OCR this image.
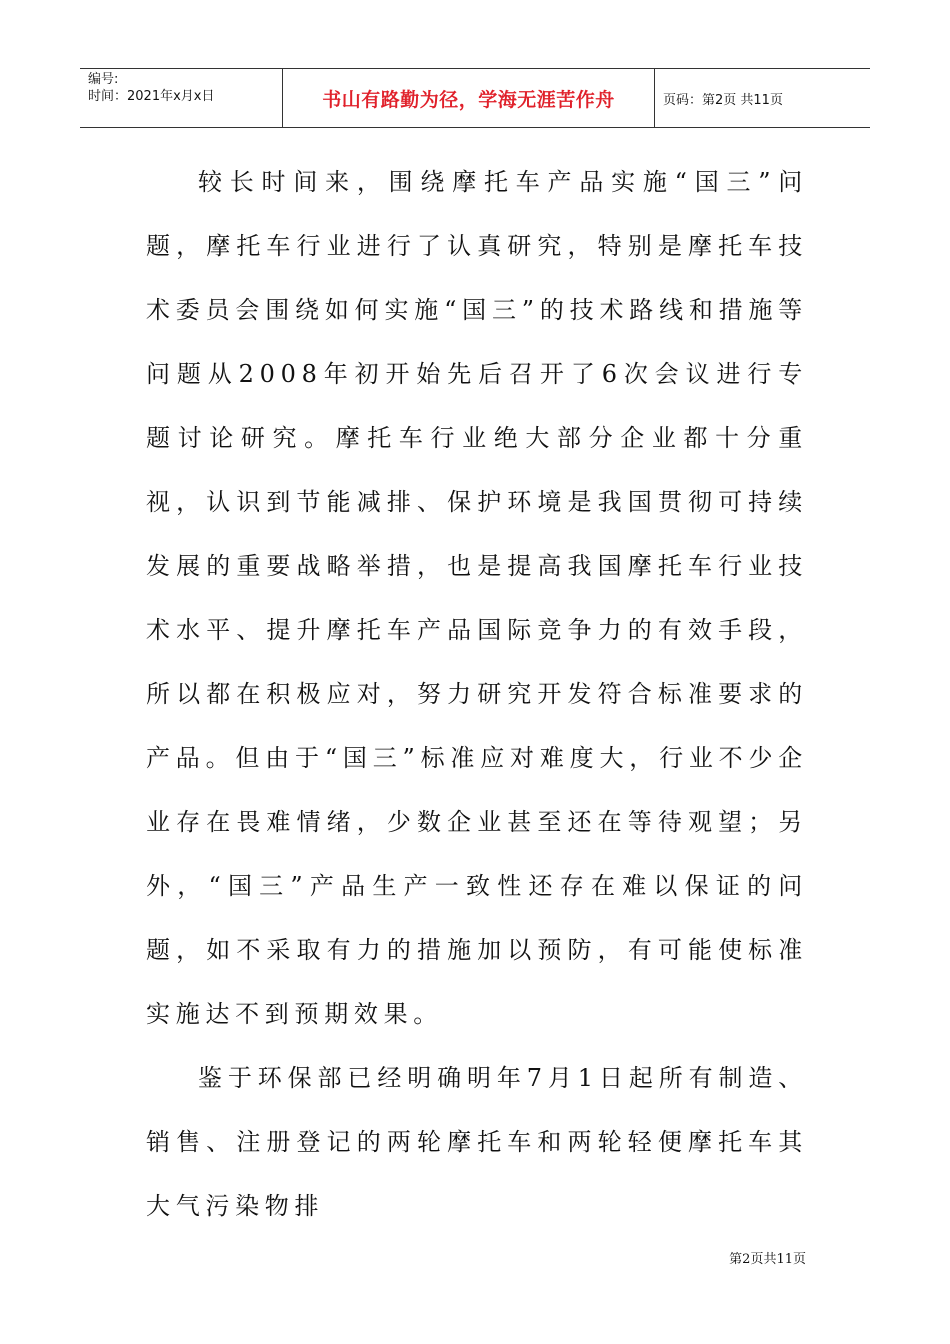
编号:
时间：2021年x月x日	书山有路勤为径，学海无涯苦作舟	页码：第2页 共11页

较长时间来，围绕摩托车产品实施“国三”问题，摩托车行业进行了认真研究，特别是摩托车技术委员会围绕如何实施“国三”的技术路线和措施等问题从2008年初开始先后召开了6次会议进行专题讨论研究。摩托车行业绝大部分企业都十分重视，认识到节能减排、保护环境是我国贯彻可持续发展的重要战略举措，也是提高我国摩托车行业技术水平、提升摩托车产品国际竞争力的有效手段，所以都在积极应对，努力研究开发符合标准要求的产品。但由于“国三”标准应对难度大，行业不少企业存在畏难情绪，少数企业甚至还在等待观望；另外，“国三”产品生产一致性还存在难以保证的问题，如不采取有力的措施加以预防，有可能使标准实施达不到预期效果。

鉴于环保部已经明确明年7月1日起所有制造、销售、注册登记的两轮摩托车和两轮轻便摩托车其大气污染物排

第2页共11页
